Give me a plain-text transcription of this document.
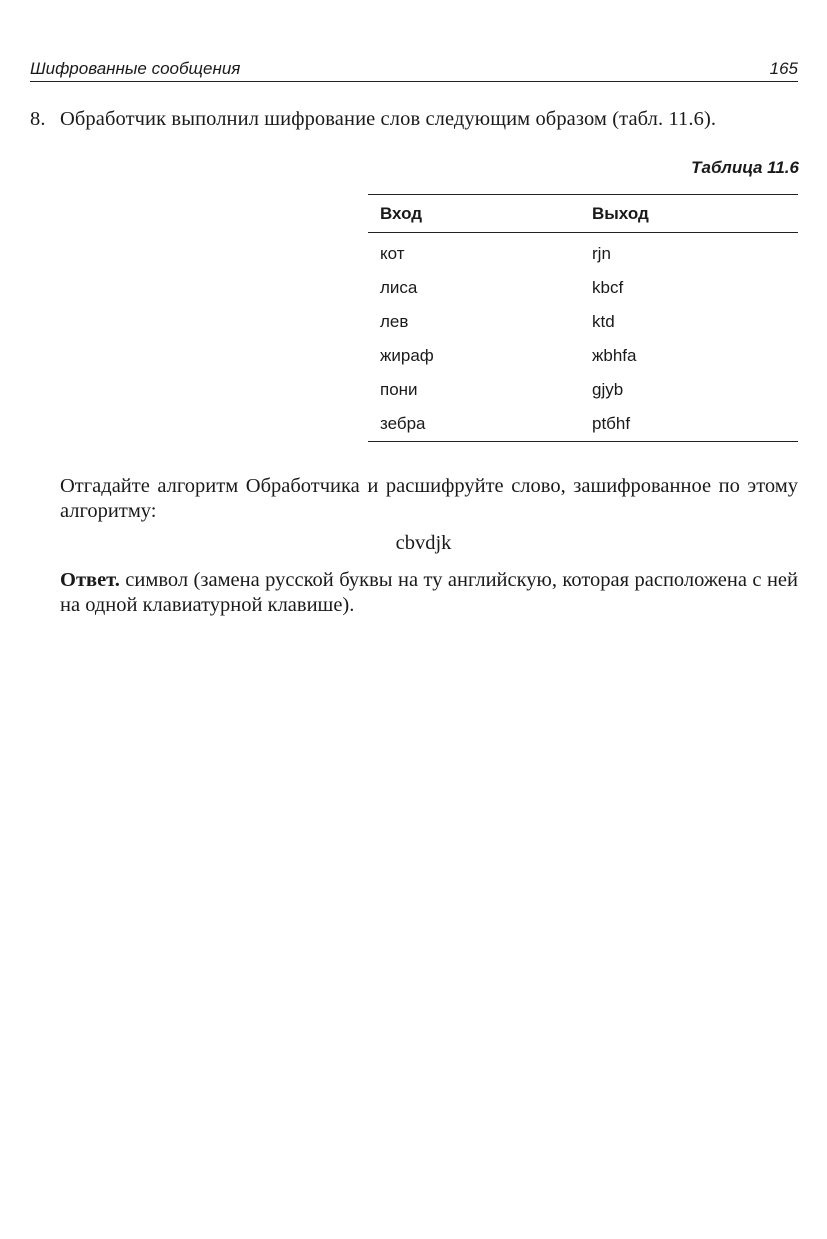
Шифрованные сообщения	165
8. Обработчик выполнил шифрование слов следующим образом (табл. 11.6).
Таблица 11.6
Вход	Выход
кот	rjn
лиса	kbcf
лев	ktd
жираф	жbhfa
пони	gjyb
зебра	ptбhf
Отгадайте алгоритм Обработчика и расшифруйте слово, зашифрованное по этому алгоритму:
cbvdjk
Ответ. символ (замена русской буквы на ту английскую, которая расположена с ней на одной клавиатурной клавише).
